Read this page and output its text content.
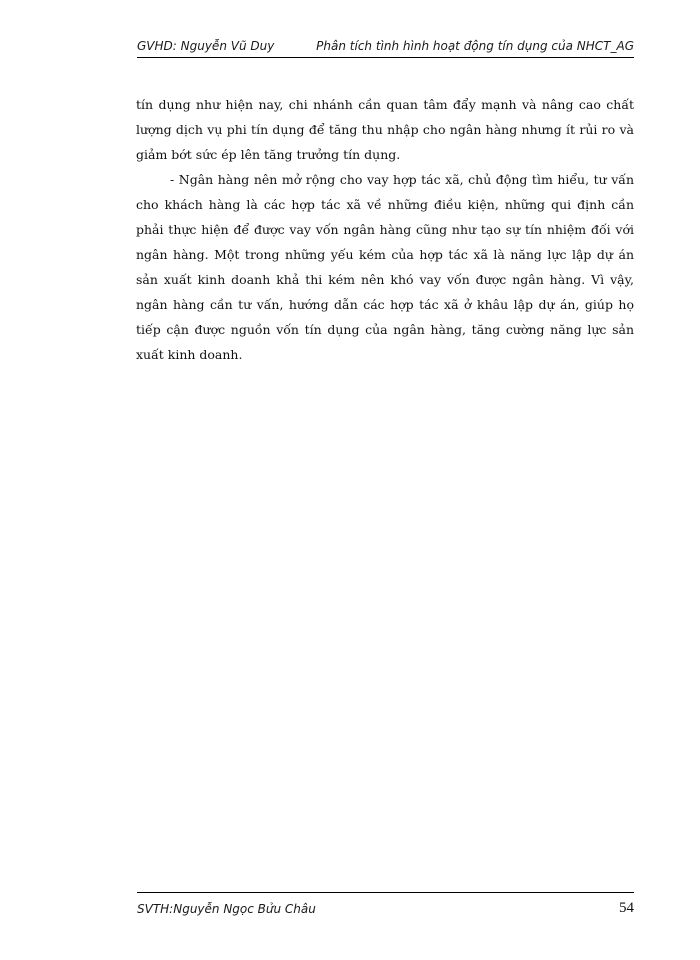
GVHD: Nguyễn Vũ Duy	Phân tích tình hình hoạt động tín dụng của NHCT_AG

tín dụng như hiện nay, chi nhánh cần quan tâm đẩy mạnh và nâng cao chất lượng dịch vụ phi tín dụng để tăng thu nhập cho ngân hàng nhưng ít rủi ro và giảm bớt sức ép lên tăng trưởng tín dụng.

- Ngân hàng nên mở rộng cho vay hợp tác xã, chủ động tìm hiểu, tư vấn cho khách hàng là các hợp tác xã về những điều kiện, những qui định cần phải thực hiện để được vay vốn ngân hàng cũng như tạo sự tín nhiệm đối với ngân hàng. Một trong những yếu kém của hợp tác xã là năng lực lập dự án sản xuất kinh doanh khả thi kém nên khó vay vốn được ngân hàng. Vì vậy, ngân hàng cần tư vấn, hướng dẫn các hợp tác xã ở khâu lập dự án, giúp họ tiếp cận được nguồn vốn tín dụng của ngân hàng, tăng cường năng lực sản xuất kinh doanh.

SVTH:Nguyễn Ngọc Bửu Châu	54
